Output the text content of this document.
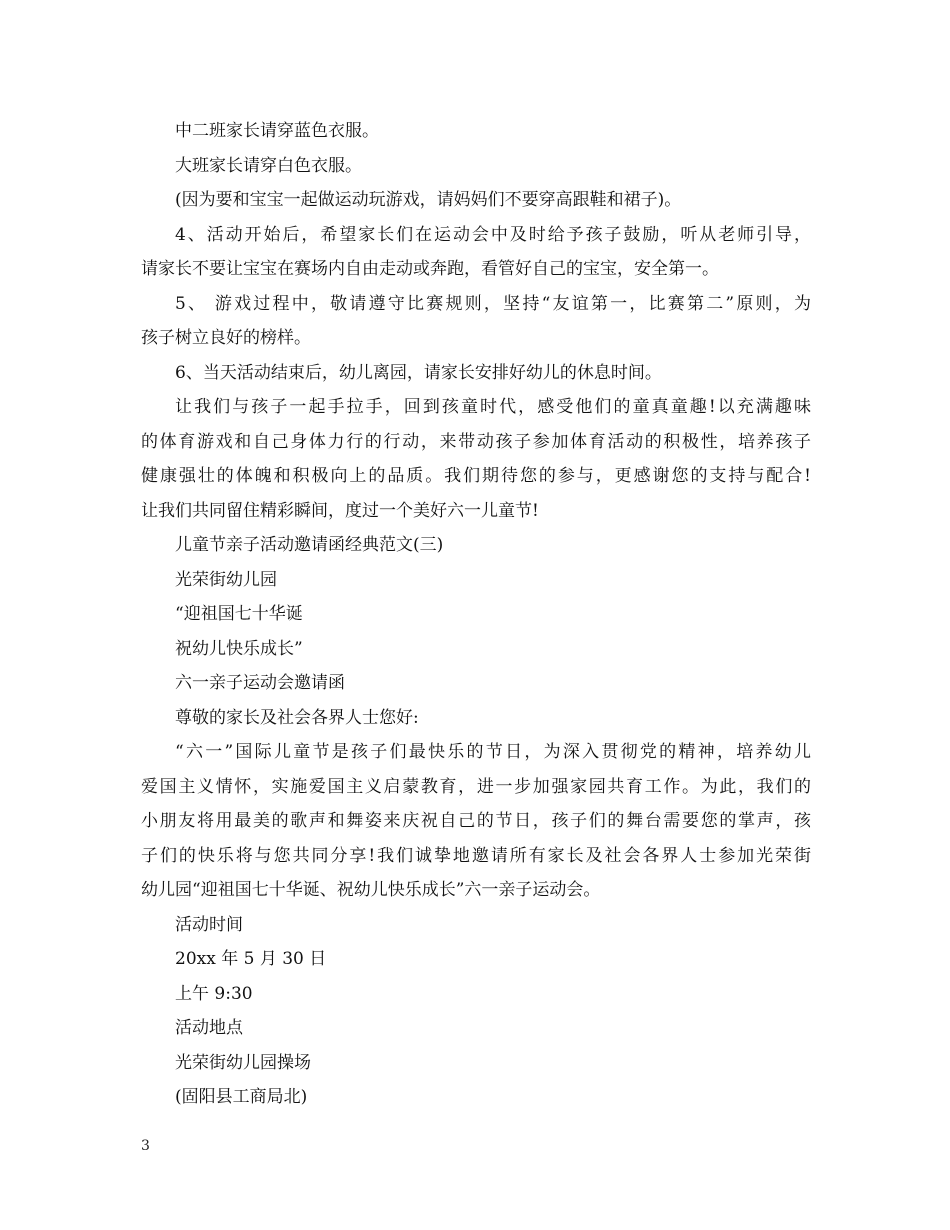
中二班家长请穿蓝色衣服。
大班家长请穿白色衣服。
(因为要和宝宝一起做运动玩游戏，请妈妈们不要穿高跟鞋和裙子)。
4、活动开始后，希望家长们在运动会中及时给予孩子鼓励，听从老师引导，
请家长不要让宝宝在赛场内自由走动或奔跑，看管好自己的宝宝，安全第一。
5、 游戏过程中，敬请遵守比赛规则，坚持“友谊第一，比赛第二”原则，为
孩子树立良好的榜样。
6、当天活动结束后，幼儿离园，请家长安排好幼儿的休息时间。
让我们与孩子一起手拉手，回到孩童时代，感受他们的童真童趣!以充满趣味
的体育游戏和自己身体力行的行动，来带动孩子参加体育活动的积极性，培养孩子
健康强壮的体魄和积极向上的品质。我们期待您的参与，更感谢您的支持与配合!
让我们共同留住精彩瞬间，度过一个美好六一儿童节!
儿童节亲子活动邀请函经典范文(三)
光荣街幼儿园
“迎祖国七十华诞
祝幼儿快乐成长”
六一亲子运动会邀请函
尊敬的家长及社会各界人士您好:
“六一”国际儿童节是孩子们最快乐的节日，为深入贯彻党的精神，培养幼儿
爱国主义情怀，实施爱国主义启蒙教育，进一步加强家园共育工作。为此，我们的
小朋友将用最美的歌声和舞姿来庆祝自己的节日，孩子们的舞台需要您的掌声，孩
子们的快乐将与您共同分享!我们诚挚地邀请所有家长及社会各界人士参加光荣街
幼儿园“迎祖国七十华诞、祝幼儿快乐成长”六一亲子运动会。
活动时间
20xx 年 5 月 30 日
上午 9:30
活动地点
光荣街幼儿园操场
(固阳县工商局北)
3
